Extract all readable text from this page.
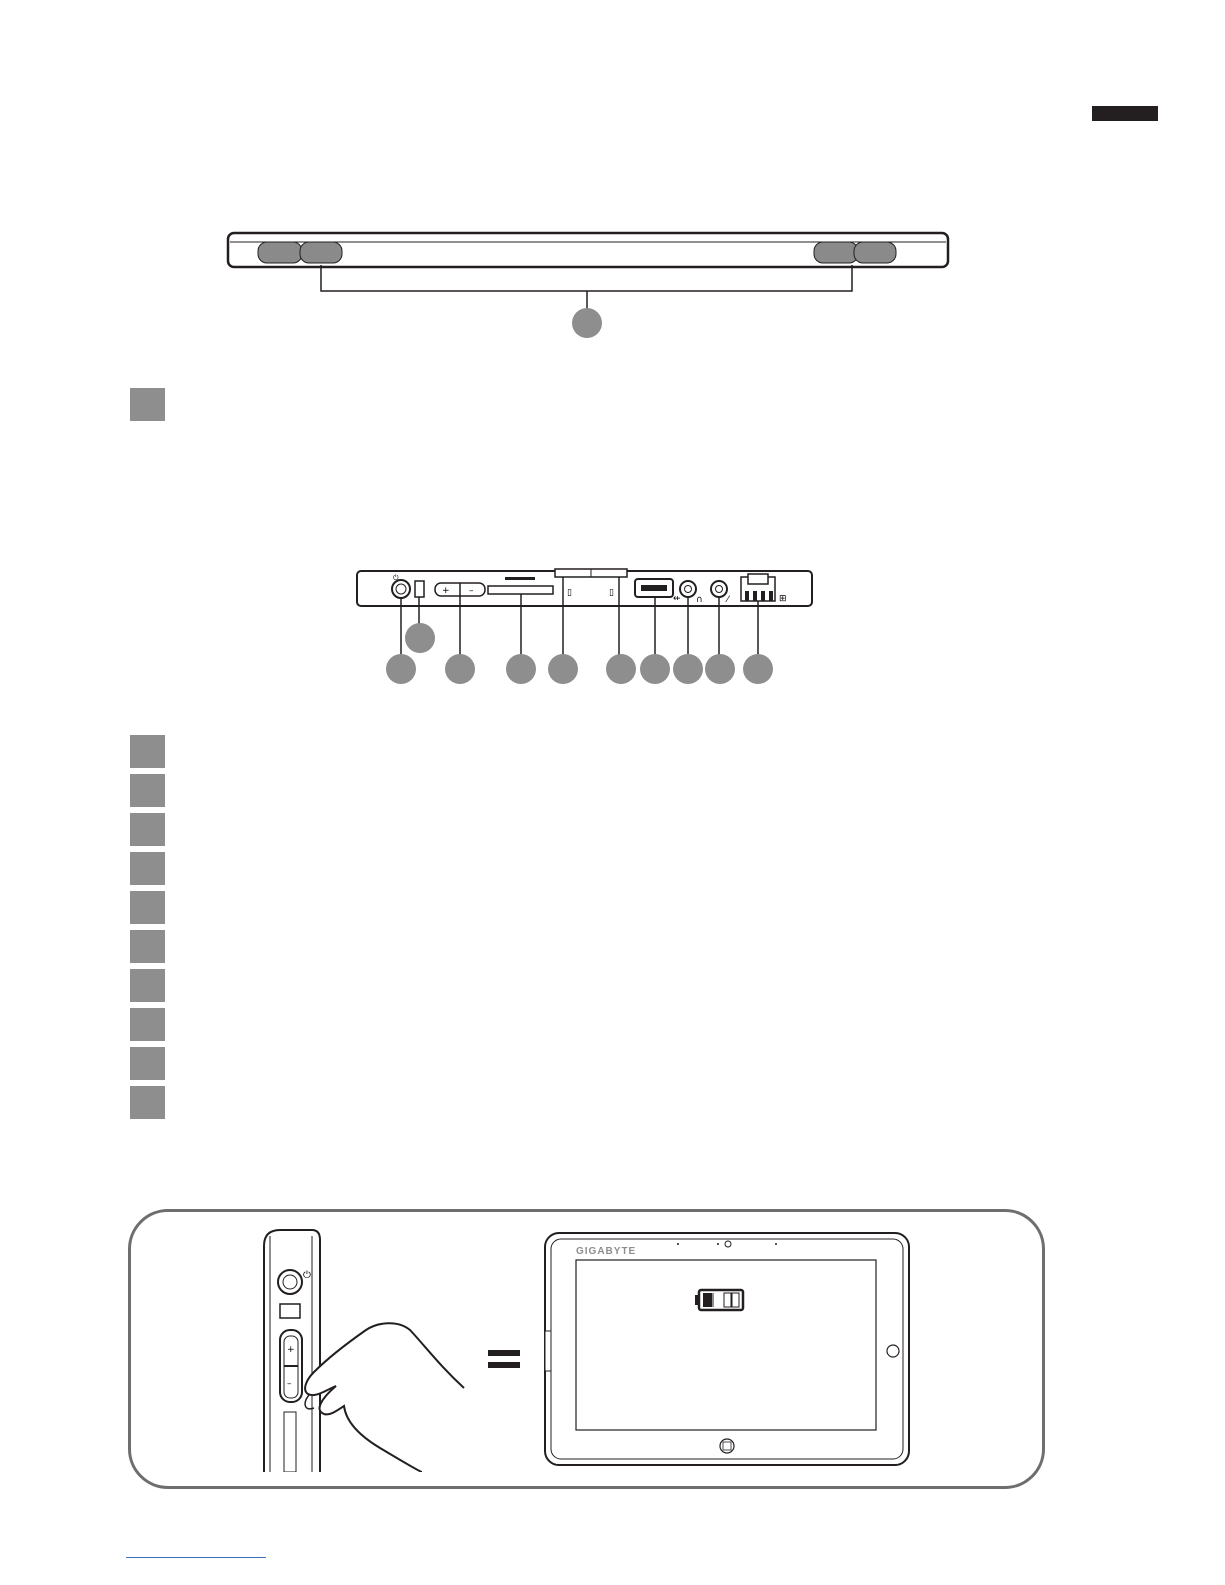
⏻
+ –	▯	▯
⇷ ∩	⁄	⊞
⏻
+
–
GIGABYTE
